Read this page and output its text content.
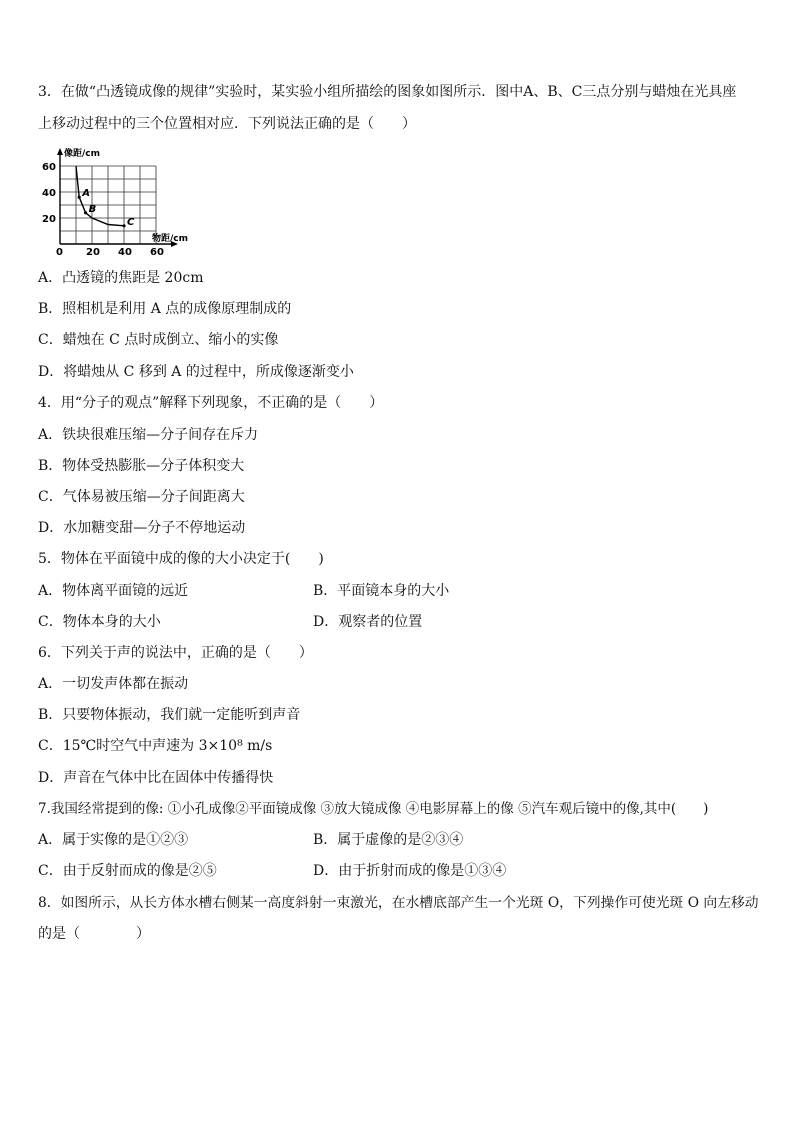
3．在做“凸透镜成像的规律”实验时，某实验小组所描绘的图象如图所示．图中A、B、C三点分别与蜡烛在光具座
上移动过程中的三个位置相对应．下列说法正确的是（　　）
A
B
C
0 20 40 60
20
40
60
物距/cm
像距/cm
A．凸透镜的焦距是 20cm
B．照相机是利用 A 点的成像原理制成的
C．蜡烛在 C 点时成倒立、缩小的实像
D．将蜡烛从 C 移到 A 的过程中，所成像逐渐变小
4．用“分子的观点”解释下列现象，不正确的是（　　）
A．铁块很难压缩—分子间存在斥力
B．物体受热膨胀—分子体积变大
C．气体易被压缩—分子间距离大
D．水加糖变甜—分子不停地运动
5．物体在平面镜中成的像的大小决定于(　　)
A．物体离平面镜的远近	B．平面镜本身的大小
C．物体本身的大小	D．观察者的位置
6．下列关于声的说法中，正确的是（　　）
A．一切发声体都在振动
B．只要物体振动，我们就一定能听到声音
C．15℃时空气中声速为 3×10⁸ m/s
D．声音在气体中比在固体中传播得快
7.我国经常提到的像: ①小孔成像②平面镜成像 ③放大镜成像 ④电影屏幕上的像 ⑤汽车观后镜中的像,其中(　　)
A．属于实像的是①②③	B．属于虚像的是②③④
C．由于反射而成的像是②⑤	D．由于折射而成的像是①③④
8．如图所示，从长方体水槽右侧某一高度斜射一束激光，在水槽底部产生一个光斑 O，下列操作可使光斑 O 向左移动
的是（　　　　）
